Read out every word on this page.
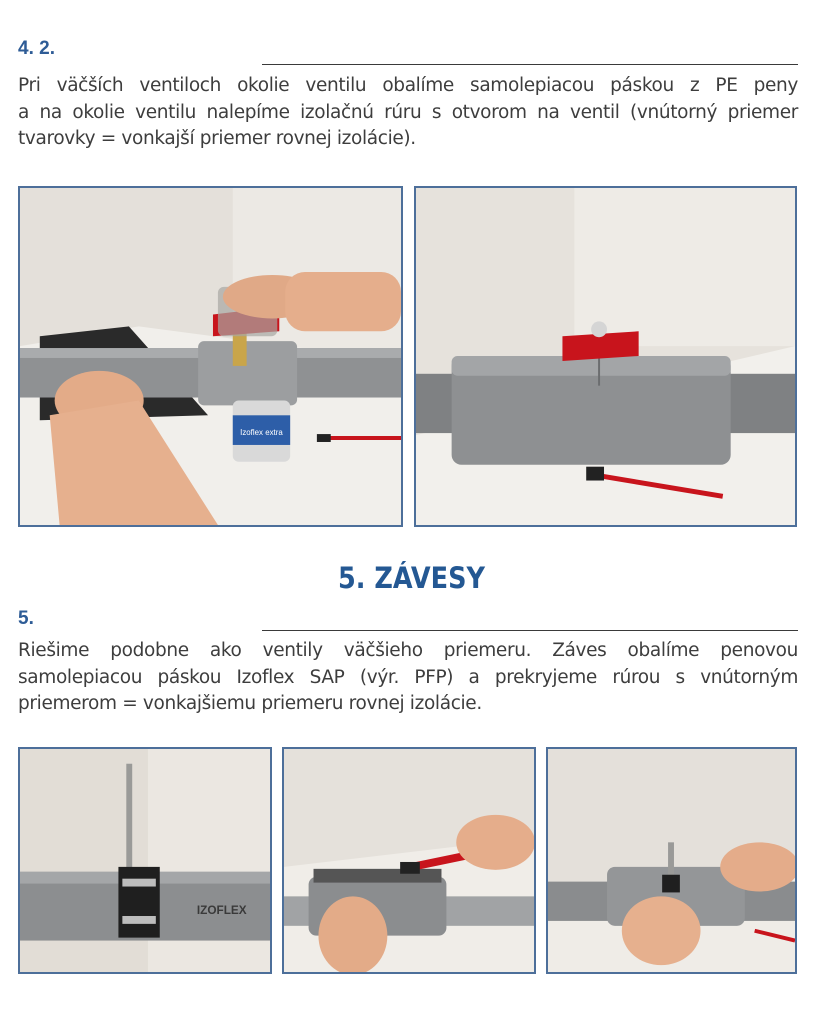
4. 2.
Pri väčších ventiloch okolie ventilu obalíme samolepiacou páskou z PE peny
a na okolie ventilu nalepíme izolačnú rúru s otvorom na ventil (vnútorný priemer
tvarovky = vonkajší priemer rovnej izolácie).
Izoflex extra
5. ZÁVESY
5.
Riešime podobne ako ventily väčšieho priemeru. Záves obalíme penovou
samolepiacou páskou Izoflex SAP (výr. PFP) a prekryjeme rúrou s vnútorným
priemerom = vonkajšiemu priemeru rovnej izolácie.
IZOFLEX
